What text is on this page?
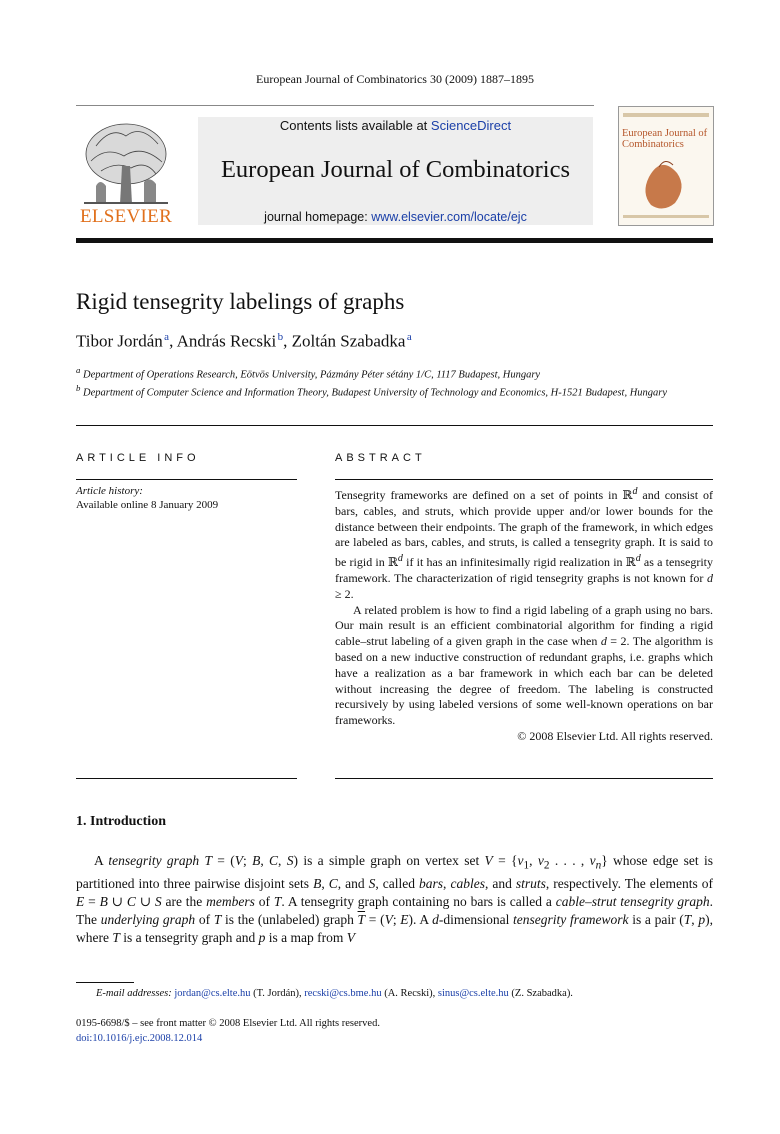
European Journal of Combinatorics 30 (2009) 1887–1895
ELSEVIER
Contents lists available at ScienceDirect
European Journal of Combinatorics
journal homepage: www.elsevier.com/locate/ejc
European Journal of Combinatorics
Rigid tensegrity labelings of graphs
Tibor Jordán $^a$, András Recski $^b$, Zoltán Szabadka $^a$
$^a$ Department of Operations Research, Eötvös University, Pázmány Péter sétány 1/C, 1117 Budapest, Hungary
$^b$ Department of Computer Science and Information Theory, Budapest University of Technology and Economics, H-1521 Budapest, Hungary
ARTICLE INFO	ABSTRACT
Article history:
Available online 8 January 2009

Tensegrity frameworks are defined on a set of points in ℝ$^d$ and consist of bars, cables, and struts, which provide upper and/or lower bounds for the distance between their endpoints. The graph of the framework, in which edges are labeled as bars, cables, and struts, is called a tensegrity graph. It is said to be rigid in ℝ$^d$ if it has an infinitesimally rigid realization in ℝ$^d$ as a tensegrity framework. The characterization of rigid tensegrity graphs is not known for d ≥ 2.

A related problem is how to find a rigid labeling of a graph using no bars. Our main result is an efficient combinatorial algorithm for finding a rigid cable–strut labeling of a given graph in the case when d = 2. The algorithm is based on a new inductive construction of redundant graphs, i.e. graphs which have a realization as a bar framework in which each bar can be deleted without increasing the degree of freedom. The labeling is constructed recursively by using labeled versions of some well-known operations on bar frameworks.

© 2008 Elsevier Ltd. All rights reserved.

1. Introduction

A tensegrity graph T = (V; B, C, S) is a simple graph on vertex set $V = \{v_1$, $v_2$ . . . , $v_n$} whose edge set is partitioned into three pairwise disjoint sets B, C, and S, called bars, cables, and struts, respectively. The elements of E = B ∪ C ∪ S are the members of T. A tensegrity graph containing no bars is called a cable–strut tensegrity graph. The underlying graph of T is the (unlabeled) graph $\overline{T} = (V$; E). A d-dimensional tensegrity framework is a pair (T, p), where T is a tensegrity graph and p is a map from V

E-mail addresses: jordan@cs.elte.hu (T. Jordán), recski@cs.bme.hu (A. Recski), sinus@cs.elte.hu (Z. Szabadka).
0195-6698/$ – see front matter © 2008 Elsevier Ltd. All rights reserved.
doi:10.1016/j.ejc.2008.12.014
